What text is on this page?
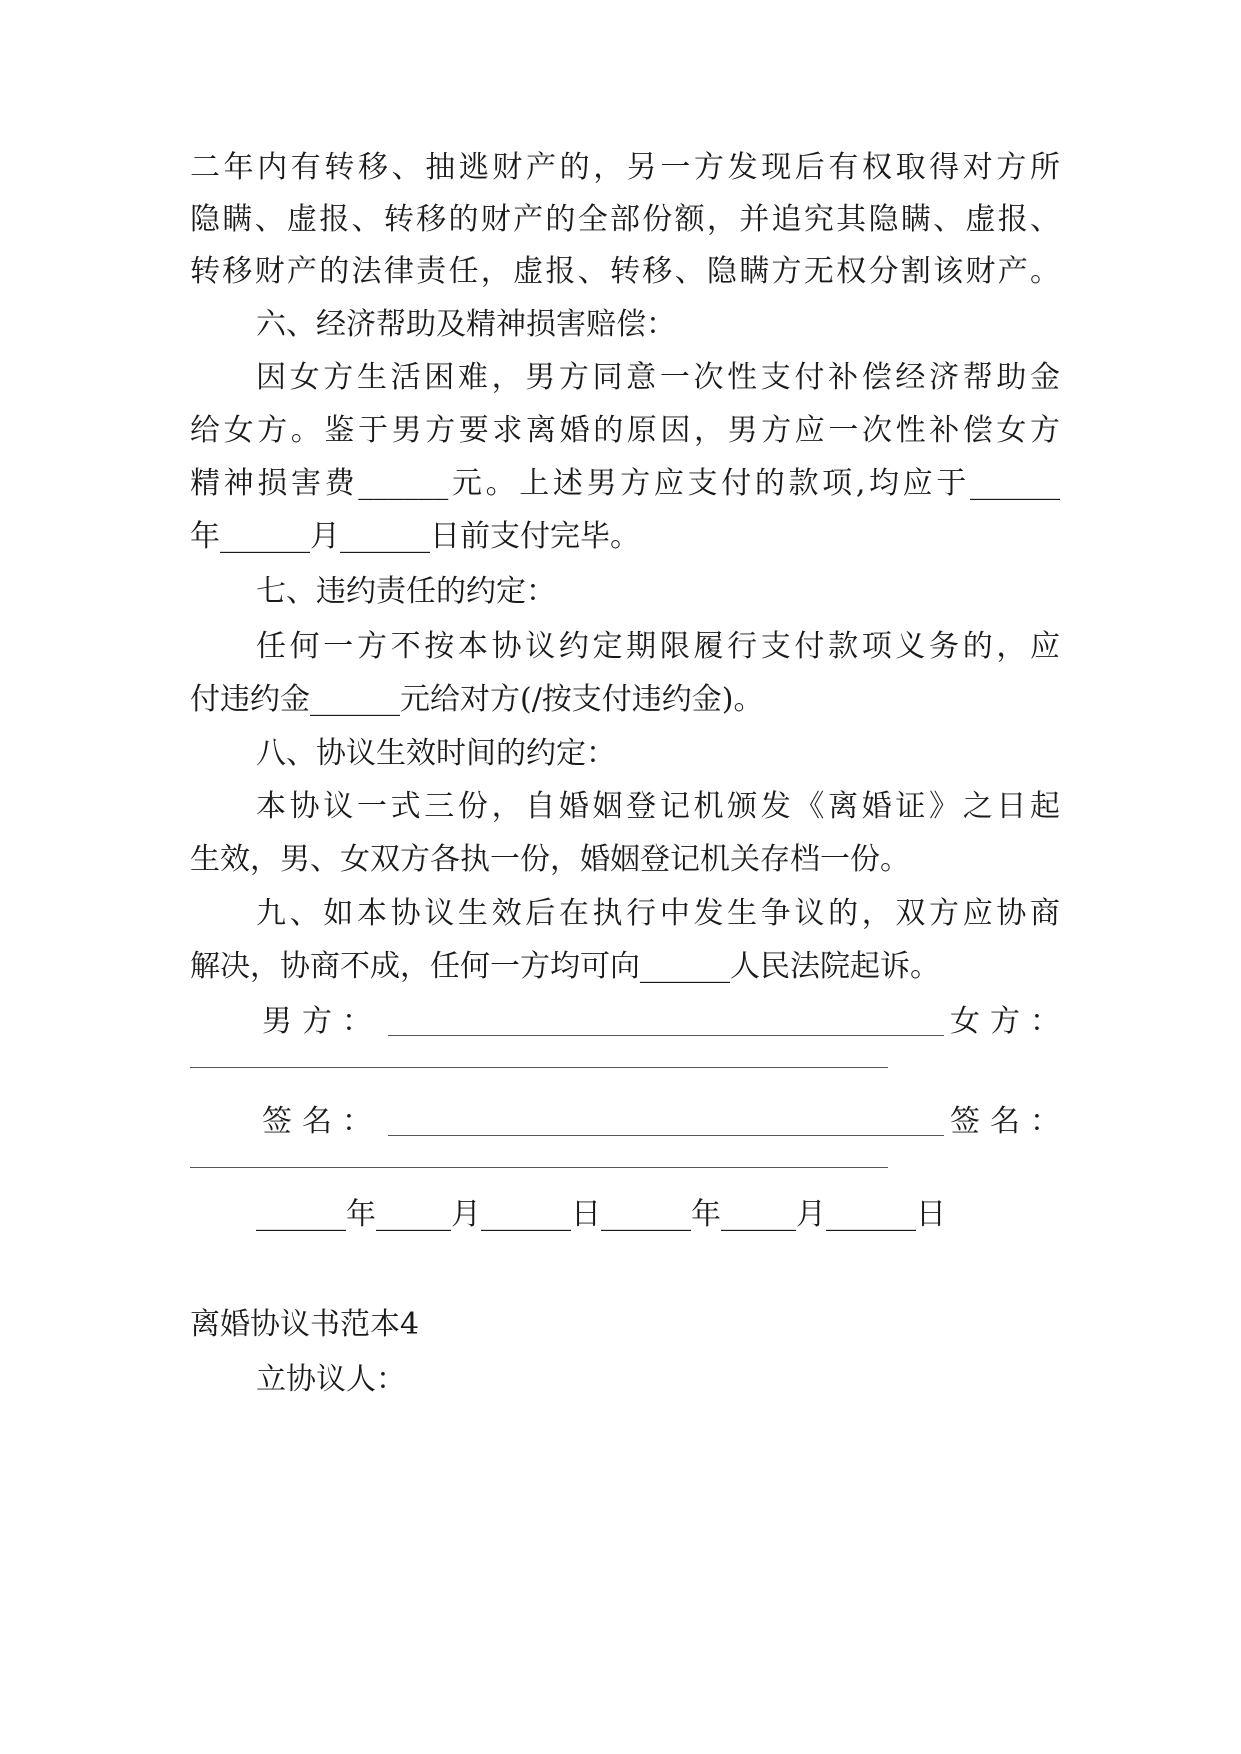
二年内有转移、抽逃财产的，另一方发现后有权取得对方所
隐瞒、虚报、转移的财产的全部份额，并追究其隐瞒、虚报、
转移财产的法律责任，虚报、转移、隐瞒方无权分割该财产。
六、经济帮助及精神损害赔偿：
因女方生活困难，男方同意一次性支付补偿经济帮助金
给女方。鉴于男方要求离婚的原因，男方应一次性补偿女方
精神损害费______元。上述男方应支付的款项,均应于______
年______月______日前支付完毕。
七、违约责任的约定：
任何一方不按本协议约定期限履行支付款项义务的，应
付违约金______元给对方(/按支付违约金)。
八、协议生效时间的约定：
本协议一式三份，自婚姻登记机颁发《离婚证》之日起
生效，男、女双方各执一份，婚姻登记机关存档一份。
九、如本协议生效后在执行中发生争议的，双方应协商
解决，协商不成，任何一方均可向______人民法院起诉。
男方：	女方：
签名：	签名：
______年_____月______日______年_____月______日
离婚协议书范本4
立协议人：
